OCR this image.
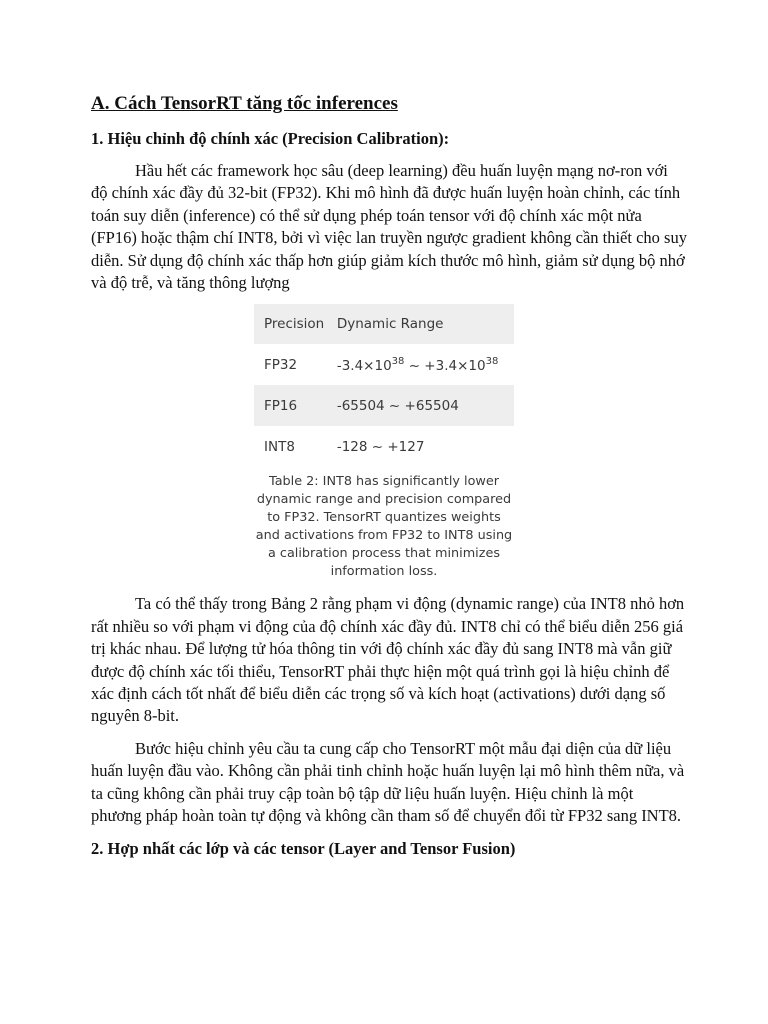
A. Cách TensorRT tăng tốc inferences
1. Hiệu chỉnh độ chính xác (Precision Calibration):

Hầu hết các framework học sâu (deep learning) đều huấn luyện mạng nơ-ron với độ chính xác đầy đủ 32-bit (FP32). Khi mô hình đã được huấn luyện hoàn chỉnh, các tính toán suy diễn (inference) có thể sử dụng phép toán tensor với độ chính xác một nửa (FP16) hoặc thậm chí INT8, bởi vì việc lan truyền ngược gradient không cần thiết cho suy diễn. Sử dụng độ chính xác thấp hơn giúp giảm kích thước mô hình, giảm sử dụng bộ nhớ và độ trễ, và tăng thông lượng

Precision	Dynamic Range
FP32	$-3.4\times 10^{38}$ ~ $+3.4\times 10^{38}$
FP16	-65504 ~ +65504
INT8	-128 ~ +127
Table 2: INT8 has significantly lower dynamic range and precision compared to FP32. TensorRT quantizes weights and activations from FP32 to INT8 using a calibration process that minimizes information loss.

Ta có thể thấy trong Bảng 2 rằng phạm vi động (dynamic range) của INT8 nhỏ hơn rất nhiều so với phạm vi động của độ chính xác đầy đủ. INT8 chỉ có thể biểu diễn 256 giá trị khác nhau. Để lượng tử hóa thông tin với độ chính xác đầy đủ sang INT8 mà vẫn giữ được độ chính xác tối thiểu, TensorRT phải thực hiện một quá trình gọi là hiệu chỉnh để xác định cách tốt nhất để biểu diễn các trọng số và kích hoạt (activations) dưới dạng số nguyên 8-bit.

Bước hiệu chỉnh yêu cầu ta cung cấp cho TensorRT một mẫu đại diện của dữ liệu huấn luyện đầu vào. Không cần phải tinh chỉnh hoặc huấn luyện lại mô hình thêm nữa, và ta cũng không cần phải truy cập toàn bộ tập dữ liệu huấn luyện. Hiệu chỉnh là một phương pháp hoàn toàn tự động và không cần tham số để chuyển đổi từ FP32 sang INT8.

2. Hợp nhất các lớp và các tensor (Layer and Tensor Fusion)
